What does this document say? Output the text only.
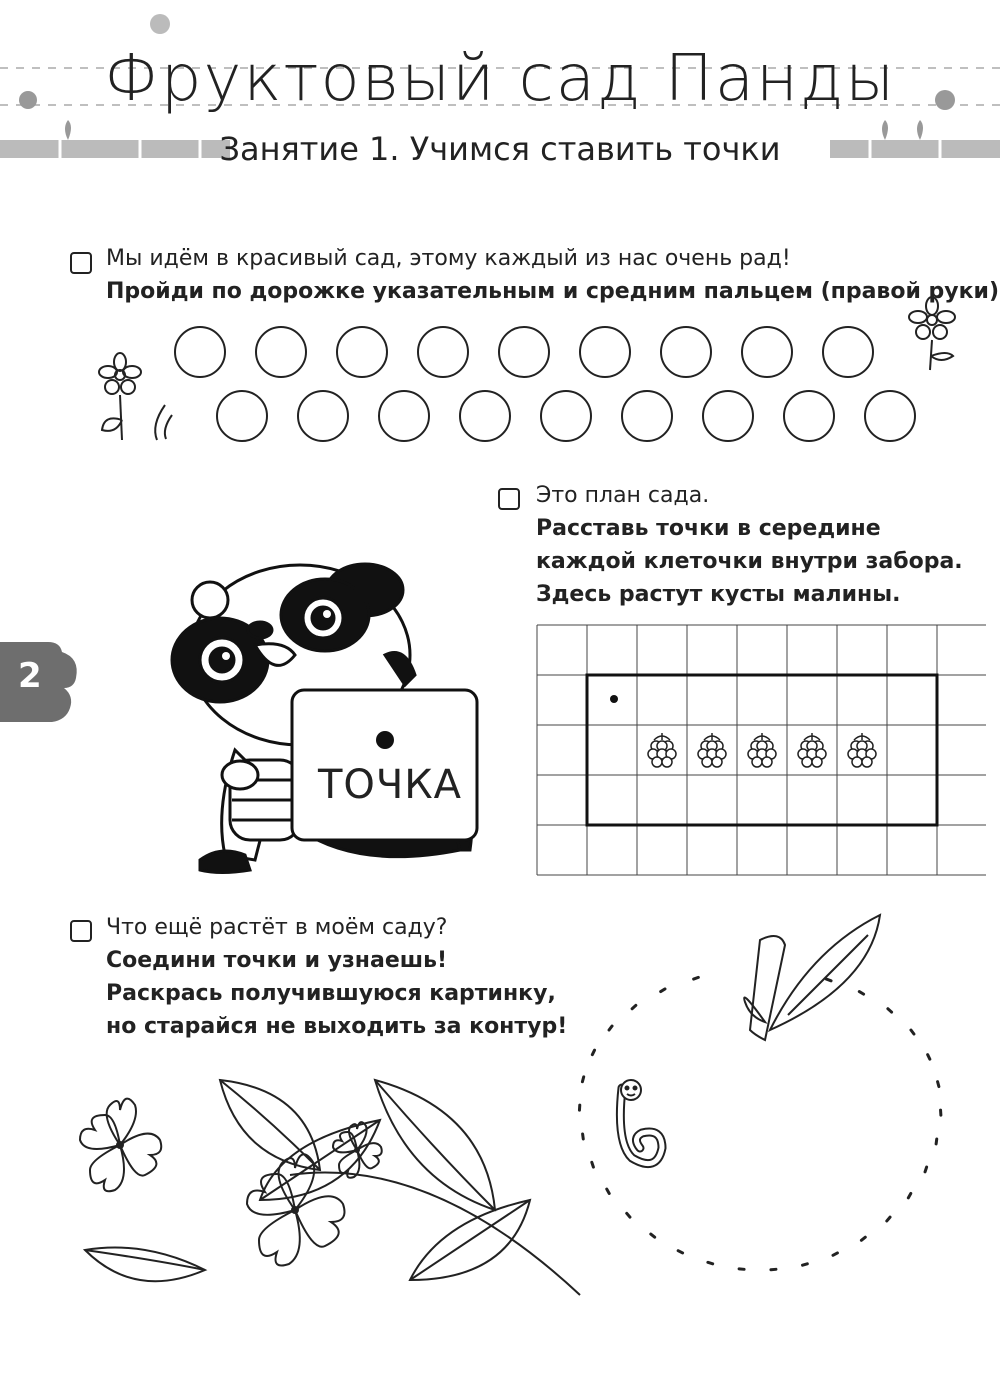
Фруктовый сад Панды
Занятие 1. Учимся ставить точки
Мы идём в красивый сад, этому каждый из нас очень рад!
Пройди по дорожке указательным и средним пальцем (правой руки)
Это план сада.
Расставь точки в середине
каждой клеточки внутри забора.
Здесь растут кусты малины.
ТОЧКА
2
Что ещё растёт в моём саду?
Соедини точки и узнаешь!
Раскрась получившуюся картинку,
но старайся не выходить за контур!
